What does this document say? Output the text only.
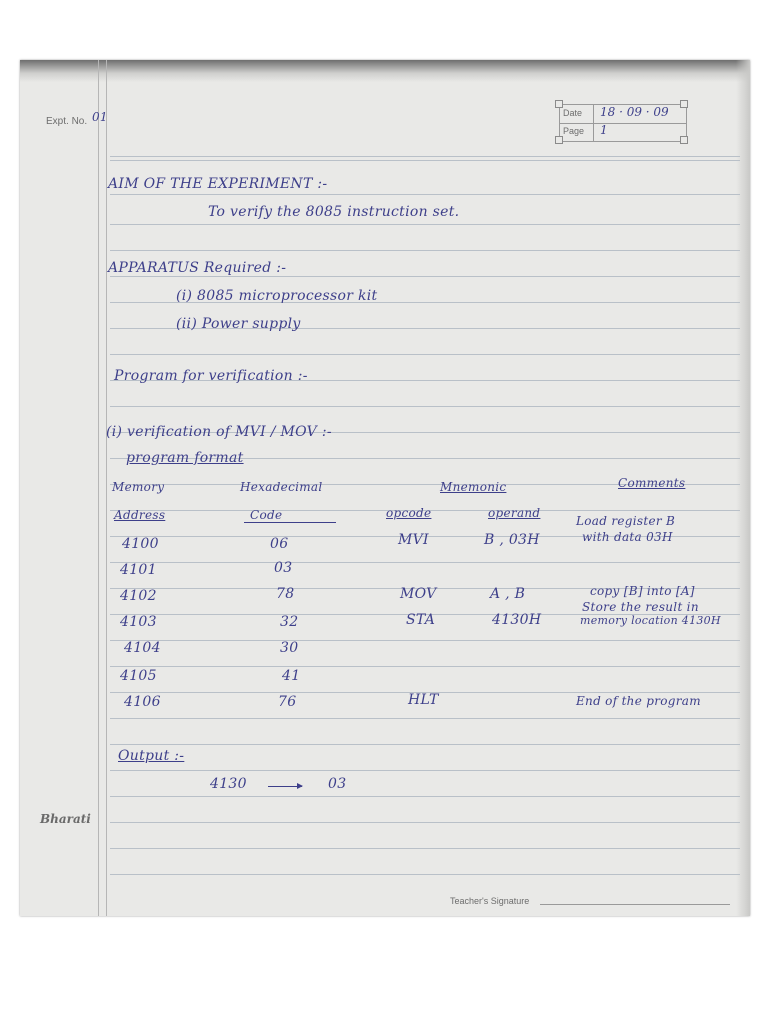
Expt. No. 01	Date 18 · 09 · 09
Page 1
AIM OF THE EXPERIMENT :-
To verify the 8085 instruction set.
APPARATUS Required :-
(i) 8085 microprocessor kit
(ii) Power supply
Program for verification :-
(i) verification of MVI / MOV :-
program format
Memory
Address
Hexadecimal
Code
Mnemonic
opcode	operand
Comments
4100	06	MVI	B , 03H
Load register B
with data 03H
4101	03
4102	78	MOV	A , B	copy [B] into [A]
4103	32	STA	4130H
Store the result in
memory location 4130H
4104	30
4105	41
4106	76	HLT	End of the program
Output :-
4130	03
Bharati
Teacher's Signature
